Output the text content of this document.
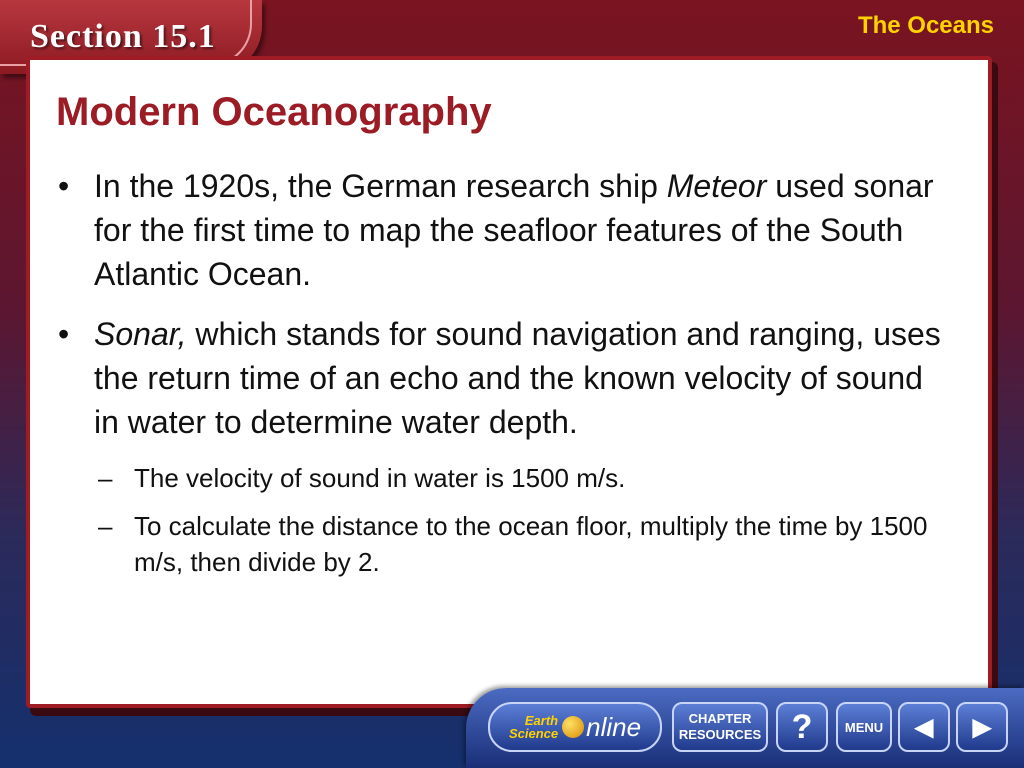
Section 15.1	The Oceans
Modern Oceanography
• In the 1920s, the German research ship Meteor used sonar for the first time to map the seafloor features of the South Atlantic Ocean.
• Sonar, which stands for sound navigation and ranging, uses the return time of an echo and the known velocity of sound in water to determine water depth.
– The velocity of sound in water is 1500 m/s.
– To calculate the distance to the ocean floor, multiply the time by 1500 m/s, then divide by 2.
Earth
Science nline	CHAPTER
RESOURCES ? MENU ◀ ▶
